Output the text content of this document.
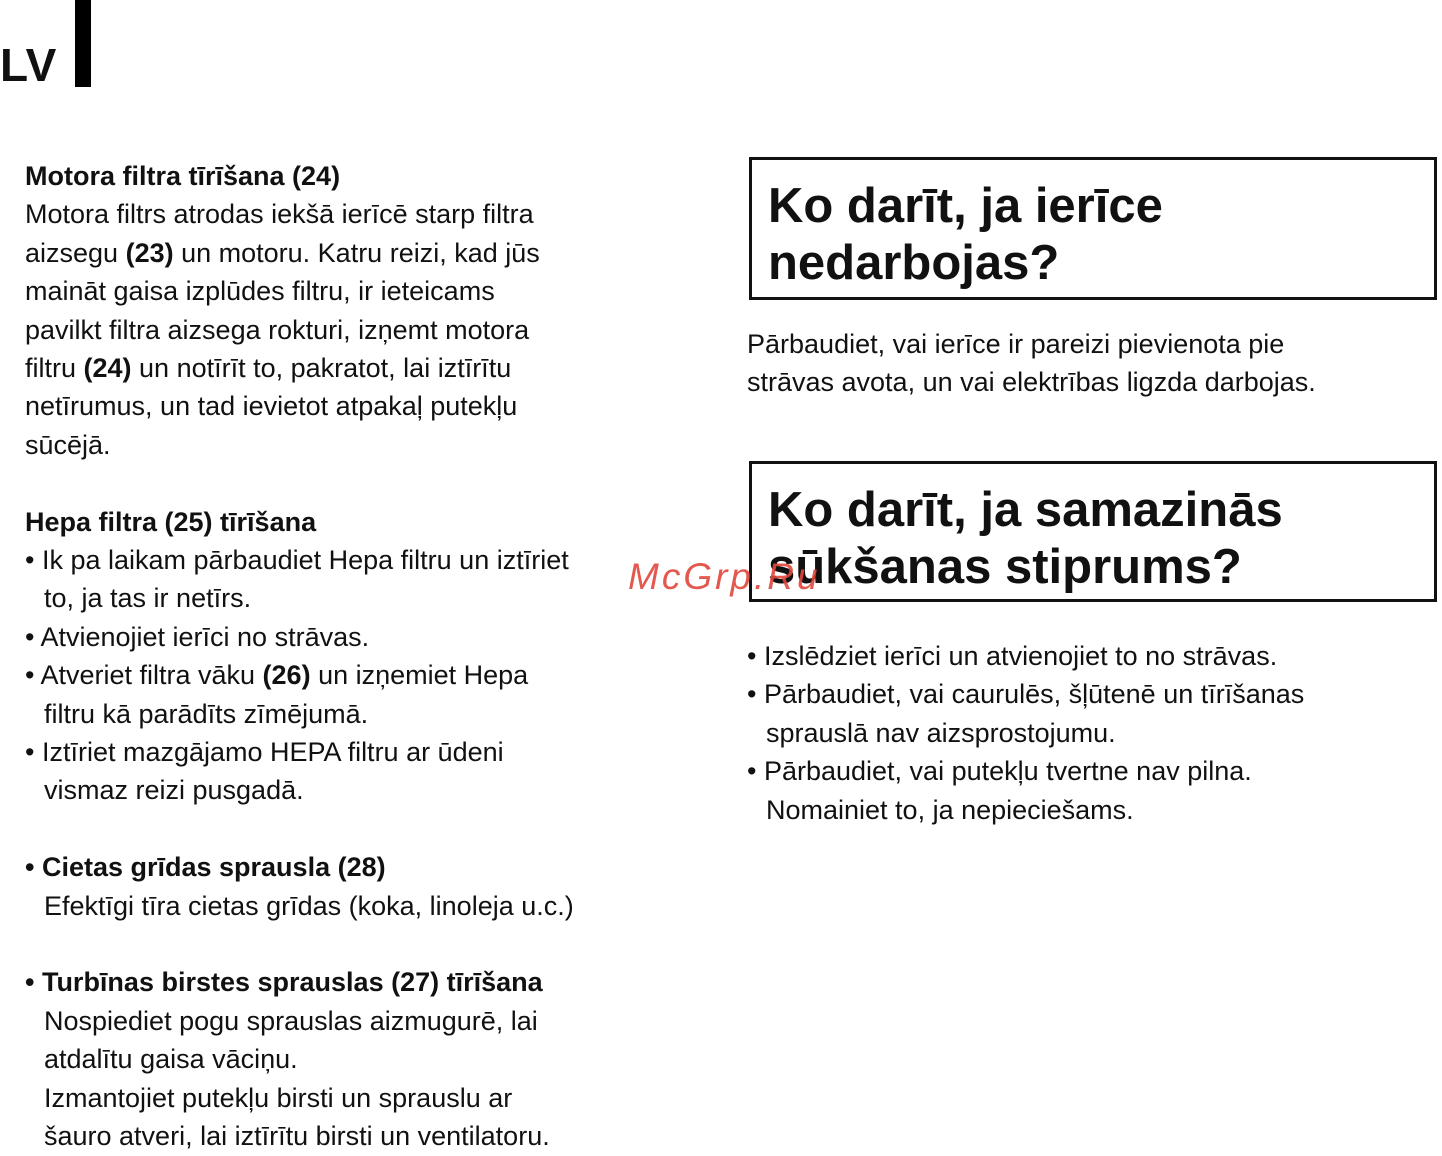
LV

Motora filtra tīrīšana (24)

Motora filtrs atrodas iekšā ierīcē starp filtra

aizsegu (23) un motoru. Katru reizi, kad jūs

maināt gaisa izplūdes filtru, ir ieteicams

pavilkt filtra aizsega rokturi, izņemt motora

filtru (24) un notīrīt to, pakratot, lai iztīrītu

netīrumus, un tad ievietot atpakaļ putekļu

sūcējā.

Hepa filtra (25) tīrīšana

• Ik pa laikam pārbaudiet Hepa filtru un iztīriet

to, ja tas ir netīrs.

• Atvienojiet ierīci no strāvas.

• Atveriet filtra vāku (26) un izņemiet Hepa

filtru kā parādīts zīmējumā.

• Iztīriet mazgājamo HEPA filtru ar ūdeni

vismaz reizi pusgadā.

• Cietas grīdas sprausla (28)

Efektīgi tīra cietas grīdas (koka, linoleja u.c.)

• Turbīnas birstes sprauslas (27) tīrīšana

Nospiediet pogu sprauslas aizmugurē, lai

atdalītu gaisa vāciņu.

Izmantojiet putekļu birsti un sprauslu ar

šauro atveri, lai iztīrītu birsti un ventilatoru.

Ko darīt, ja ierīce
nedarbojas?

Pārbaudiet, vai ierīce ir pareizi pievienota pie

strāvas avota, un vai elektrības ligzda darbojas.

Ko darīt, ja samazinās
sūkšanas stiprums?

• Izslēdziet ierīci un atvienojiet to no strāvas.

• Pārbaudiet, vai caurulēs, šļūtenē un tīrīšanas

sprauslā nav aizsprostojumu.

• Pārbaudiet, vai putekļu tvertne nav pilna.

Nomainiet to, ja nepieciešams.

McGrp.Ru
